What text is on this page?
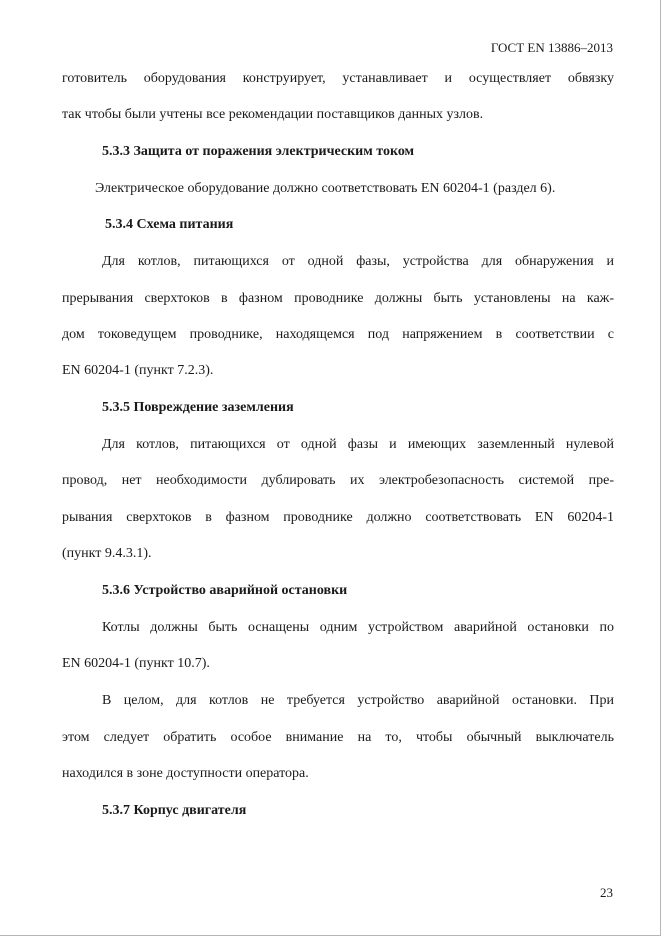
ГОСТ EN 13886–2013
готовитель оборудования конструирует, устанавливает и осуществляет обвязку
так чтобы были учтены все рекомендации поставщиков данных узлов.
5.3.3 Защита от поражения электрическим током
Электрическое оборудование должно соответствовать EN 60204-1 (раздел 6).
5.3.4 Схема питания
Для котлов, питающихся от одной фазы, устройства для обнаружения и
прерывания сверхтоков в фазном проводнике должны быть установлены на каж-
дом токоведущем проводнике, находящемся под напряжением в соответствии с
EN 60204-1 (пункт 7.2.3).
5.3.5 Повреждение заземления
Для котлов, питающихся от одной фазы и имеющих заземленный нулевой
провод, нет необходимости дублировать их электробезопасность системой пре-
рывания сверхтоков в фазном проводнике должно соответствовать EN 60204-1
(пункт 9.4.3.1).
5.3.6 Устройство аварийной остановки
Котлы должны быть оснащены одним устройством аварийной остановки по
EN 60204-1 (пункт 10.7).
В целом, для котлов не требуется устройство аварийной остановки. При
этом следует обратить особое внимание на то, чтобы обычный выключатель
находился в зоне доступности оператора.
5.3.7 Корпус двигателя
23
